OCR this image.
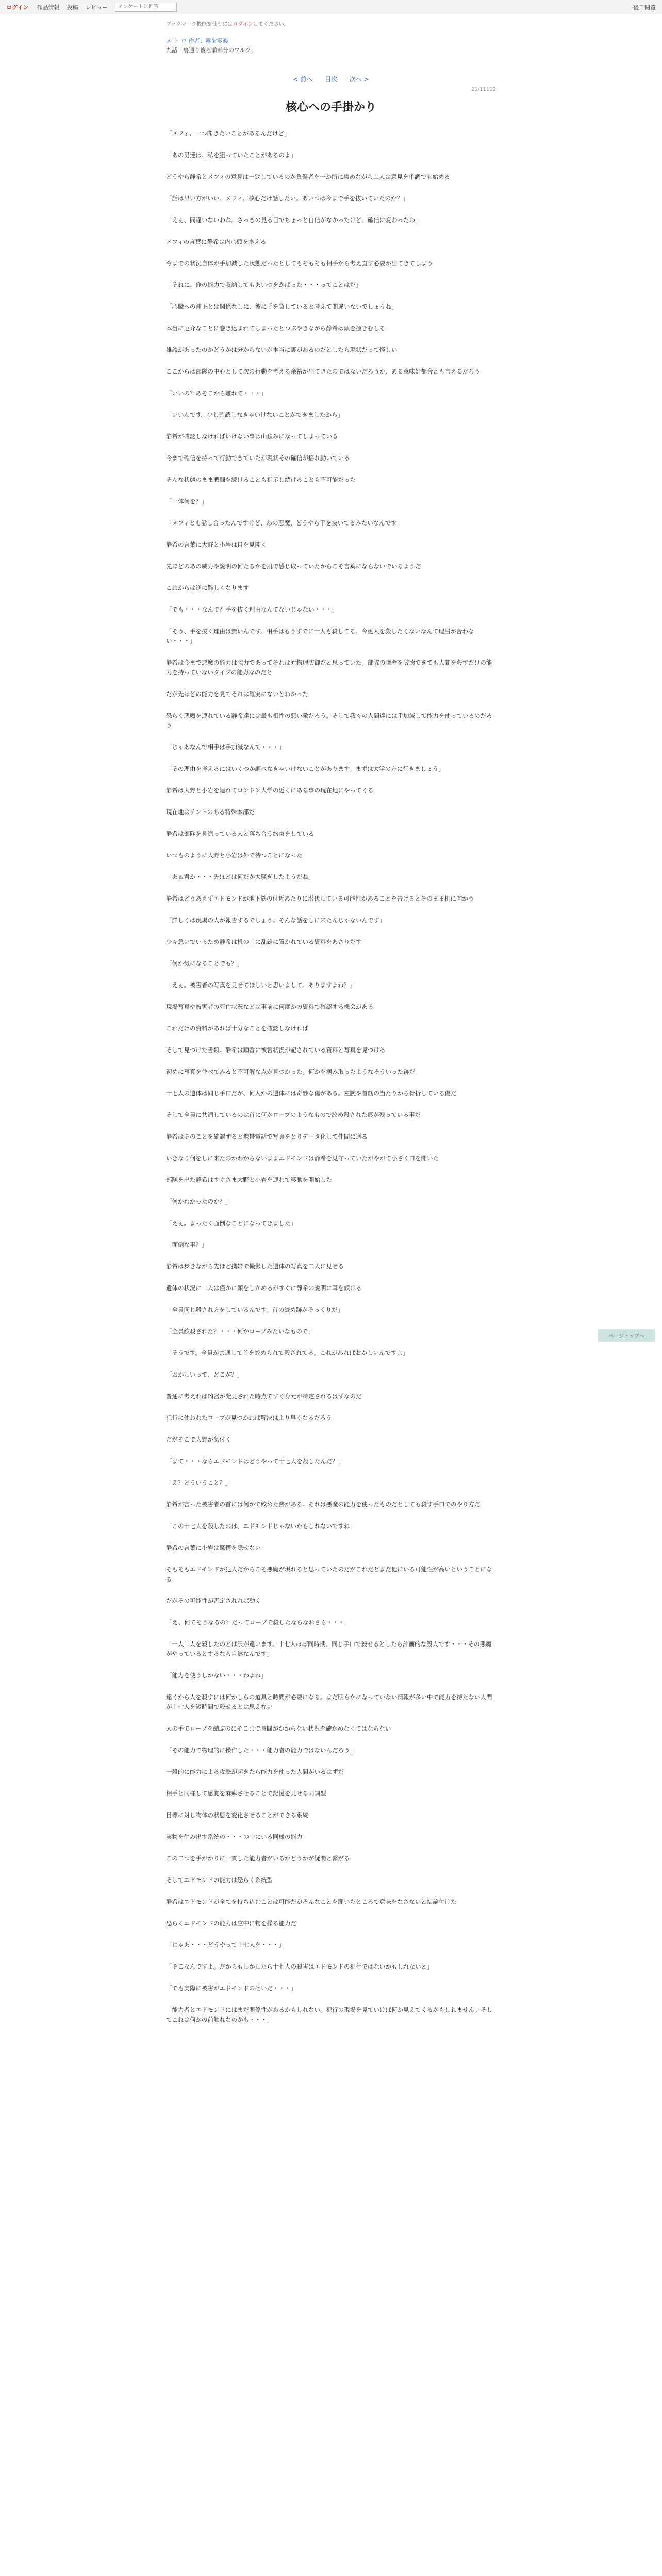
ログイン 作品情報 投稿 レビュー
アンケートに回答	後日閲覧
ブックマーク機能を使うにはログインしてください。
メ ト ロ 作者：霧歯零楽
九話「裏通り後ろ前部分のワルツ」
< 前へ 目次 次へ >
21/11112
核心への手掛かり

「メフィ、一つ聞きたいことがあるんだけど」

「あの男達は、私を狙っていたことがあるのよ」

どうやら静希とメフィの意見は一致しているのか負傷者を一か所に集めながら二人は意見を単調でも始める

「話は早い方がいい。メフィ、核心だけ話したい。あいつは今まで手を抜いていたのか？」

「えぇ、間違いないわね。さっきの見る目でちょっと自信がなかったけど、確信に変わったわ」

メフィの言葉に静希は内心頭を抱える

今までの状況自体が手加減した状態だったとしてもそもそも相手から考え直す必要が出てきてしまう

「それに、俺の能力で収納してもあいつをかばった・・・ってことはだ」

「心臓への補正とは関係なしに、彼に手を貸していると考えて間違いないでしょうね」

本当に厄介なことに巻き込まれてしまったとつぶやきながら静希は頭を掻きむしる

雑談があったのかどうかは分からないが本当に裏があるのだとしたら現状だって怪しい

ここからは部隊の中心として次の行動を考える余裕が出てきたのではないだろうか、ある意味好都合とも言えるだろう

「いいの？あそこから離れて・・・」

「いいんです。少し確認しなきゃいけないことができましたから」

静希が確認しなければいけない事は山積みになってしまっている

今まで確信を持って行動できていたが現状その確信が揺れ動いている

そんな状態のまま戦闘を続けることも指示し続けることも不可能だった

「一体何を？」

「メフィとも話し合ったんですけど、あの悪魔、どうやら手を抜いてるみたいなんです」

静希の言葉に大野と小岩は目を見開く

先ほどのあの威力や説明の何たるかを肌で感じ取っていたからこそ言葉にならないでいるようだ

これからは逆に難しくなります

「でも・・・なんで？手を抜く理由なんてないじゃない・・・」

「そう、手を抜く理由は無いんです。相手はもうすでに十人も殺してる。今更人を殺したくないなんて理屈が合わない・・・」

静希は今まで悪魔の能力は強力であってそれは対物理防御だと思っていた。部隊の障壁を破壊できても人間を殺すだけの能力を持っていないタイプの能力なのだと

だが先ほどの能力を見てそれは確実にないとわかった

恐らく悪魔を連れている静希達には最も相性の悪い敵だろう。そして我々の人間達には手加減して能力を使っているのだろう

「じゃあなんで相手は手加減なんて・・・」

「その理由を考えるにはいくつか調べなきゃいけないことがあります。まずは大学の方に行きましょう」

静希は大野と小岩を連れてロンドン大学の近くにある事の現在地にやってくる

現在地はテントのある特殊本部だ

静希は部隊を見繕っている人と落ち合う約束をしている

いつものように大野と小岩は外で待つことになった

「あぁ君か・・・先ほどは何だか大騒ぎしたようだね」

静希はどうあえずエドモンドが地下鉄の付近あたりに潜伏している可能性があることを告げるとそのまま机に向かう

「詳しくは現場の人が報告するでしょう。そんな話をしに来たんじゃないんです」

少々急いでいるため静希は机の上に乱雑に置かれている資料をあさりだす

「何か気になることでも？」

「えぇ。被害者の写真を見せてほしいと思いまして。ありますよね？」

現場写真や被害者の死亡状況などは事前に何度かの資料で確認する機会がある

これだけの資料があれば十分なことを確認しなければ

そして見つけた書類。静希は順番に被害状況が記されている資料と写真を見つける

初めに写真を並べてみると不可解な点が見つかった。何かを掴み取ったようなそういった跡だ

十七人の遺体は同じ手口だが、何人かの遺体には奇妙な傷がある。左腕や首筋の当たりから骨折している傷だ

そして全員に共通しているのは首に何かロープのようなもので絞め殺された痕が残っている事だ

静希はそのことを確認すると携帯電話で写真をとりデータ化して仲間に送る

いきなり何をしに来たのかわからないままエドモンドは静希を見守っていたがやがて小さく口を開いた

部隊を出た静希はすぐさま大野と小岩を連れて移動を開始した

「何かわかったのか？」

「えぇ。まったく面倒なことになってきました」

「面倒な事？」

静希は歩きながら先ほど携帯で撮影した遺体の写真を二人に見せる

遺体の状況に二人は僅かに顔をしかめるがすぐに静希の説明に耳を傾ける

「全員同じ殺され方をしているんです。首の絞め跡がそっくりだ」

「全員絞殺された？・・・何かロープみたいなもので」

「そうです。全員が共通して首を絞められて殺されてる。これがあればおかしいんですよ」

「おかしいって、どこが？」

普通に考えれば凶器が発見された時点ですぐ身元が特定されるはずなのだ

犯行に使われたロープが見つかれば解決はより早くなるだろう

だがそこで大野が気付く

「まて・・・ならエドモンドはどうやって十七人を殺したんだ？」

「え？どういうこと？」

静希が言った被害者の首には何かで絞めた跡がある。それは悪魔の能力を使ったものだとしても殺す手口でのやり方だ

「この十七人を殺したのは、エドモンドじゃないかもしれないですね」

静希の言葉に小岩は驚愕を隠せない

そもそもエドモンドが犯人だからこそ悪魔が現れると思っていたのだがこれだとまだ他にいる可能性が高いということになる

だがその可能性が否定されれば動く

「え、何てそうなるの？だってロープで殺したならなおさら・・・」

「一人二人を殺したのとは訳が違います。十七人ほぼ同時期、同じ手口で殺せるとしたら計画的な殺人です・・・その悪魔がやっているとするなら自然なんです」

「能力を使うしかない・・・わよね」

遠くから人を殺すには何かしらの道具と時間が必要になる。まだ明らかになっていない情報が多い中で能力を持たない人間が十七人を短時間で殺せるとは思えない

人の手でロープを結ぶのにそこまで時間がかからない状況を確かめなくてはならない

「その能力で物理的に操作した・・・能力者の能力ではないんだろう」

一般的に能力による攻撃が起きたら能力を使った人間がいるはずだ

相手と同様して感覚を麻痺させることで記憶を見せる同調型

目標に対し物体の状態を変化させることができる系統

実物を生み出す系統の・・・の中にいる同様の能力

この二つを手がかりに一貫した能力者がいるかどうかが疑問と繋がる

そしてエドモンドの能力は恐らく系統型

静希はエドモンドが全てを持ち込むことは可能だがそんなことを聞いたところで意味をなさないと結論付けた

恐らくエドモンドの能力は空中に物を操る能力だ

「じゃあ・・・どうやって十七人を・・・」

「そこなんですよ。だからもしかしたら十七人の殺害はエドモンドの犯行ではないかもしれないと」

「でも実際に被害がエドモンドのせいだ・・・」

「能力者とエドモンドにはまだ関係性があるかもしれない。犯行の現場を見ていけば何か見えてくるかもしれません。そしてこれは何かの前触れなのかも・・・」

ページトップへ
